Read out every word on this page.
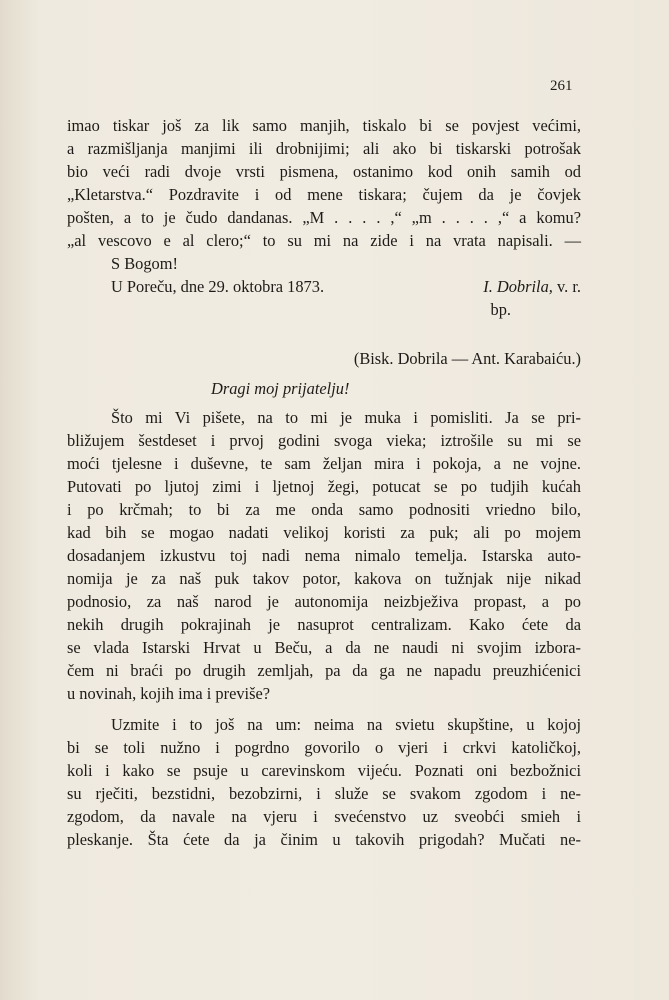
261
imao tiskar još za lik samo manjih, tiskalo bi se povjest većimi,
a razmišljanja manjimi ili drobnijimi; ali ako bi tiskarski potrošak
bio veći radi dvoje vrsti pismena, ostanimo kod onih samih od
„Kletarstva.“ Pozdravite i od mene tiskara; čujem da je čovjek
pošten, a to je čudo dandanas. „M . . . . ,“ „m . . . . ,“ a komu?
„al vescovo e al clero;“ to su mi na zide i na vrata napisali. —
S Bogom!
U Poreču, dne 29. oktobra 1873.	I. Dobrila, v. r.
bp.
(Bisk. Dobrila — Ant. Karabaiću.)
Dragi moj prijatelju!
Što mi Vi pišete, na to mi je muka i pomisliti. Ja se pri-
bližujem šestdeset i prvoj godini svoga vieka; iztrošile su mi se
moći tjelesne i duševne, te sam željan mira i pokoja, a ne vojne.
Putovati po ljutoj zimi i ljetnoj žegi, potucat se po tudjih kućah
i po krčmah; to bi za me onda samo podnositi vriedno bilo,
kad bih se mogao nadati velikoj koristi za puk; ali po mojem
dosadanjem izkustvu toj nadi nema nimalo temelja. Istarska auto-
nomija je za naš puk takov potor, kakova on tužnjak nije nikad
podnosio, za naš narod je autonomija neizbježiva propast, a po
nekih drugih pokrajinah je nasuprot centralizam. Kako ćete da
se vlada Istarski Hrvat u Beču, a da ne naudi ni svojim izbora-
čem ni braći po drugih zemljah, pa da ga ne napadu preuzhićenici
u novinah, kojih ima i previše?
Uzmite i to još na um: neima na svietu skupštine, u kojoj
bi se toli nužno i pogrdno govorilo o vjeri i crkvi katoličkoj,
koli i kako se psuje u carevinskom vijeću. Poznati oni bezbožnici
su rječiti, bezstidni, bezobzirni, i služe se svakom zgodom i ne-
zgodom, da navale na vjeru i svećenstvo uz sveobći smieh i
pleskanje. Šta ćete da ja činim u takovih prigodah? Mučati ne-
